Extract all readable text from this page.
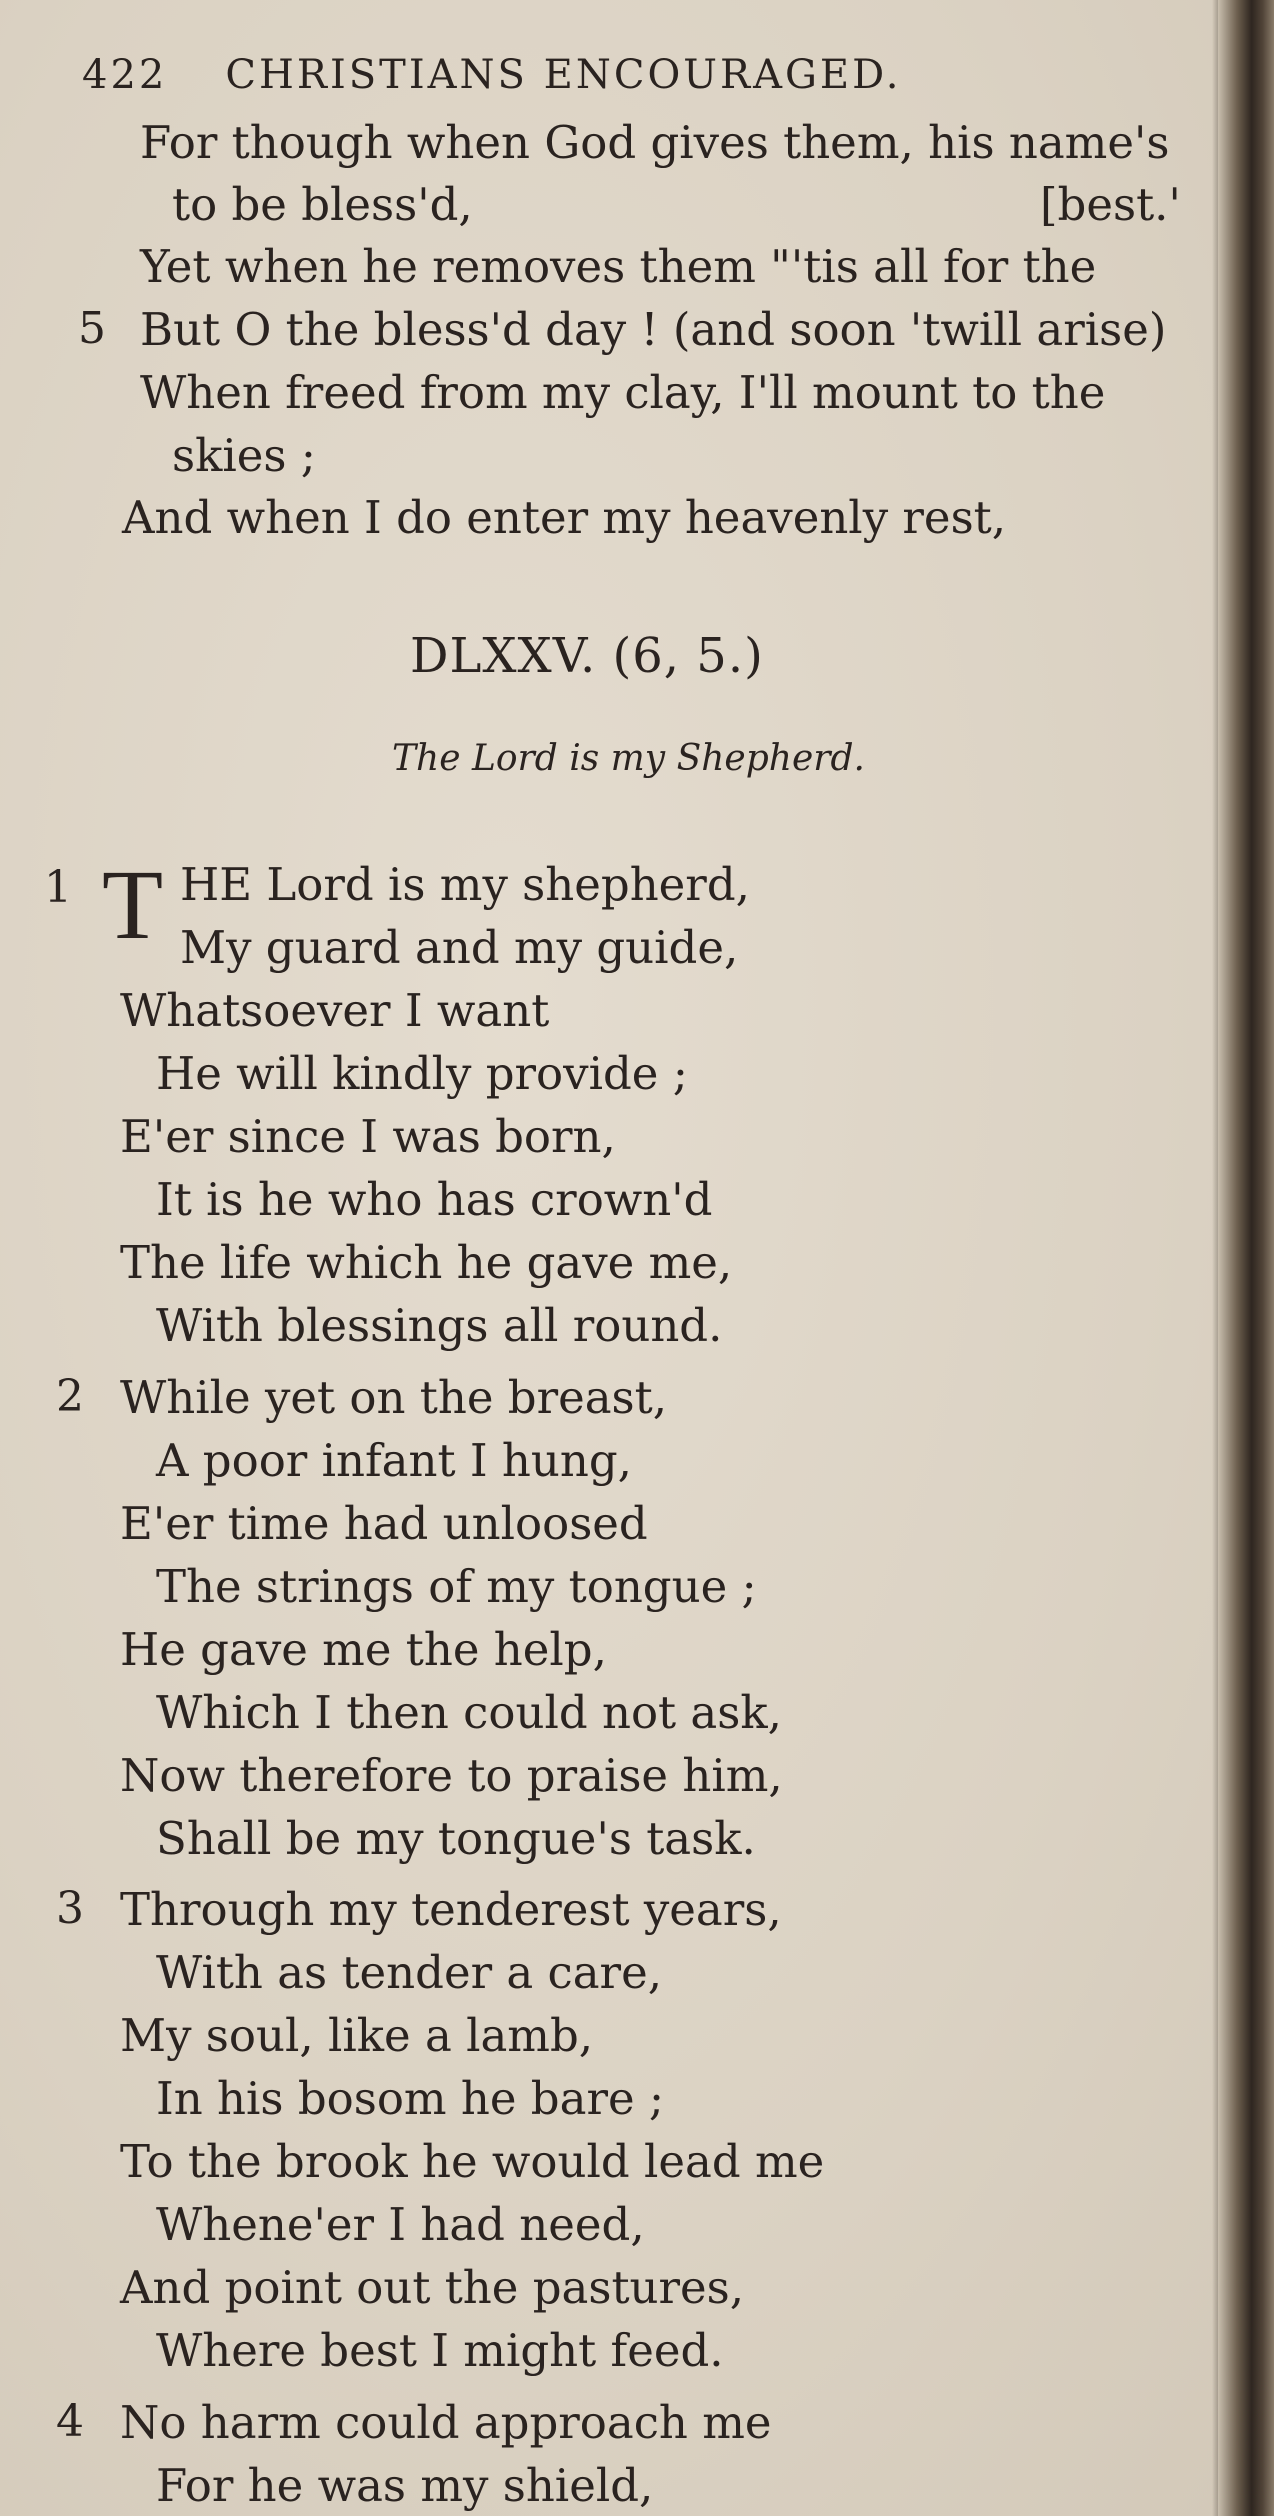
422 CHRISTIANS ENCOURAGED.
For though when God gives them, his name's
to be bless'd,	[best.'
Yet when he removes them "'tis all for the
5 But O the bless'd day ! (and soon 'twill arise)
When freed from my clay, I'll mount to the
skies ;
And when I do enter my heavenly rest,
DLXXV. (6, 5.)
The Lord is my Shepherd.
1 T HE Lord is my shepherd,
My guard and my guide,
Whatsoever I want
He will kindly provide ;
E'er since I was born,
It is he who has crown'd
The life which he gave me,
With blessings all round.
2 While yet on the breast,
A poor infant I hung,
E'er time had unloosed
The strings of my tongue ;
He gave me the help,
Which I then could not ask,
Now therefore to praise him,
Shall be my tongue's task.
3 Through my tenderest years,
With as tender a care,
My soul, like a lamb,
In his bosom he bare ;
To the brook he would lead me
Whene'er I had need,
And point out the pastures,
Where best I might feed.
4 No harm could approach me
For he was my shield,
